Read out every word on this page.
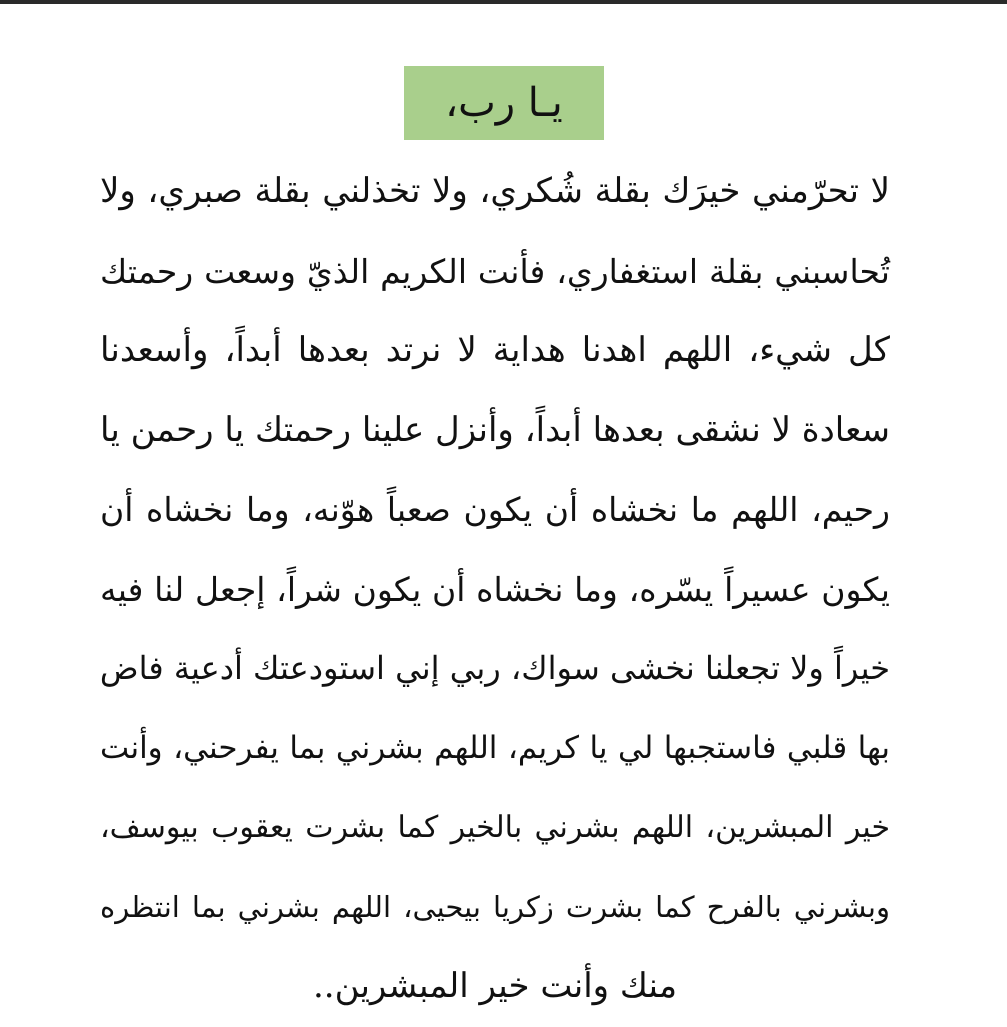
يـا رب،
لا تحرّمني خيرَك بقلة شُكري، ولا تخذلني بقلة صبري، ولا
تُحاسبني بقلة استغفاري، فأنت الكريم الذيّ وسعت رحمتك
كل شيء، اللهم اهدنا هداية لا نرتد بعدها أبداً، وأسعدنا
سعادة لا نشقى بعدها أبداً، وأنزل علينا رحمتك يا رحمن يا
رحيم، اللهم ما نخشاه أن يكون صعباً هوّنه، وما نخشاه أن
يكون عسيراً يسّره، وما نخشاه أن يكون شراً، إجعل لنا فيه
خيراً ولا تجعلنا نخشى سواك، ربي إني استودعتك أدعية فاض
بها قلبي فاستجبها لي يا كريم، اللهم بشرني بما يفرحني، وأنت
خير المبشرين، اللهم بشرني بالخير كما بشرت يعقوب بيوسف،
وبشرني بالفرح كما بشرت زكريا بيحيى، اللهم بشرني بما انتظره
منك وأنت خير المبشرين..
